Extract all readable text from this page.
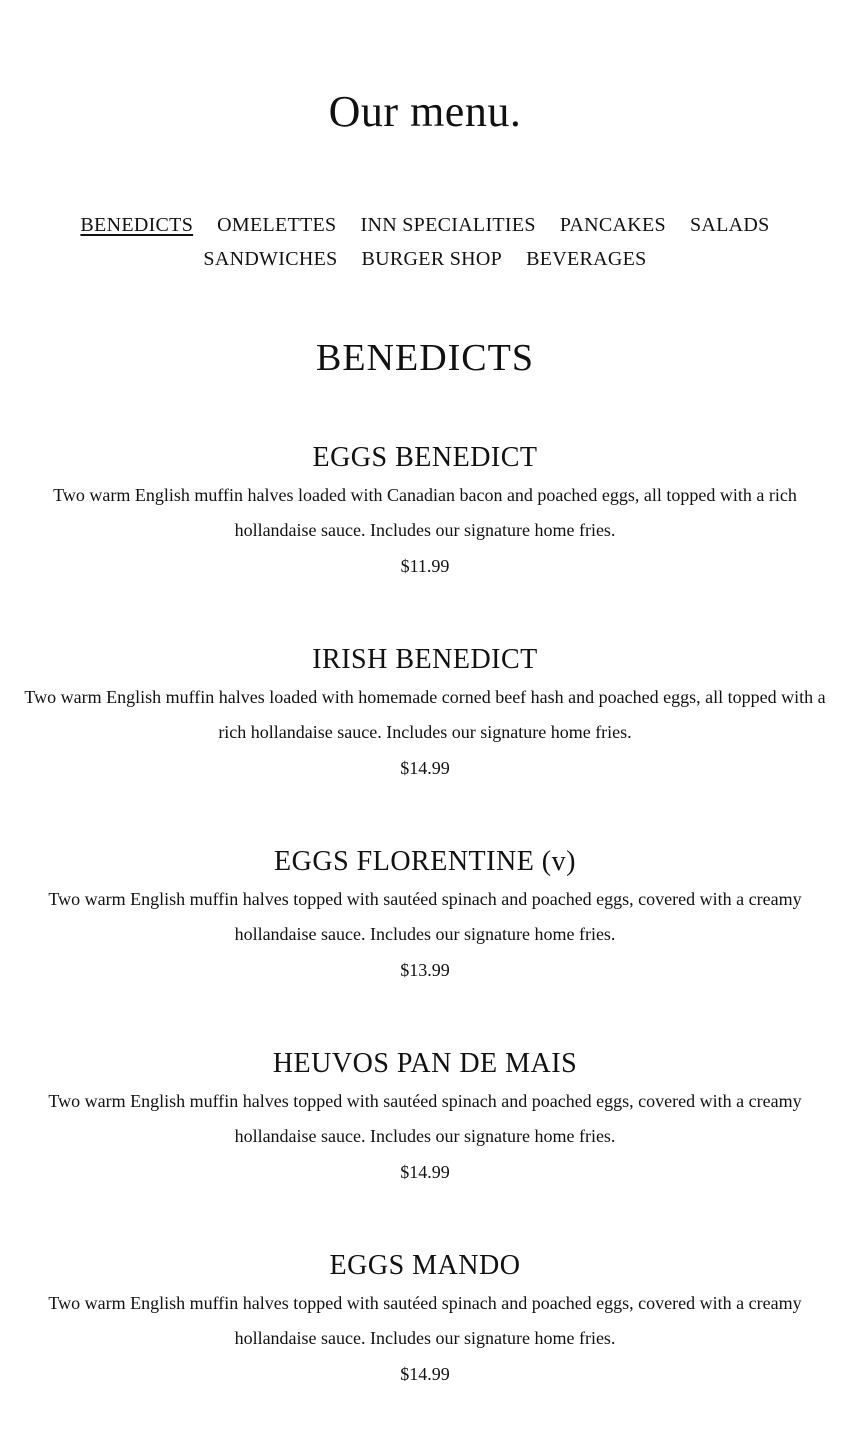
Our menu.
BENEDICTS OMELETTES INN SPECIALITIES PANCAKES SALADS
SANDWICHES BURGER SHOP BEVERAGES
BENEDICTS
EGGS BENEDICT

Two warm English muffin halves loaded with Canadian bacon and poached eggs, all topped with a rich hollandaise sauce. Includes our signature home fries.

$11.99
IRISH BENEDICT

Two warm English muffin halves loaded with homemade corned beef hash and poached eggs, all topped with a rich hollandaise sauce. Includes our signature home fries.

$14.99
EGGS FLORENTINE (v)

Two warm English muffin halves topped with sautéed spinach and poached eggs, covered with a creamy hollandaise sauce. Includes our signature home fries.

$13.99
HEUVOS PAN DE MAIS

Two warm English muffin halves topped with sautéed spinach and poached eggs, covered with a creamy hollandaise sauce. Includes our signature home fries.

$14.99
EGGS MANDO

Two warm English muffin halves topped with sautéed spinach and poached eggs, covered with a creamy hollandaise sauce. Includes our signature home fries.

$14.99
